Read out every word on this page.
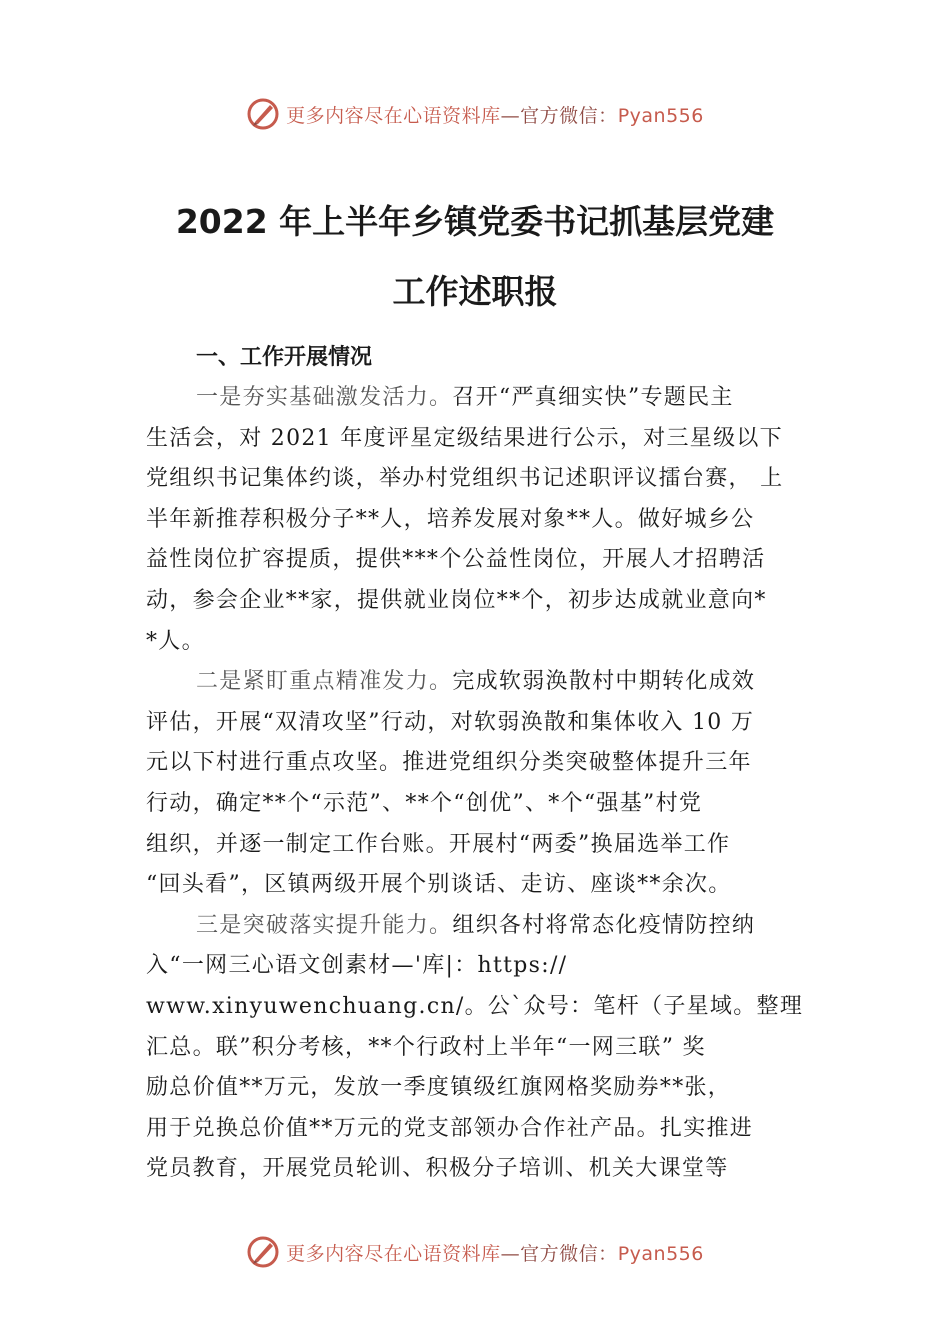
更多内容尽在心语资料库—官方微信：Pyan556
2022 年上半年乡镇党委书记抓基层党建
工作述职报
一、工作开展情况
一是夯实基础激发活力。召开“严真细实快”专题民主
生活会，对 2021 年度评星定级结果进行公示，对三星级以下
党组织书记集体约谈，举办村党组织书记述职评议擂台赛， 上
半年新推荐积极分子**人，培养发展对象**人。做好城乡公
益性岗位扩容提质，提供***个公益性岗位，开展人才招聘活
动，参会企业**家，提供就业岗位**个，初步达成就业意向*
*人。
二是紧盯重点精准发力。完成软弱涣散村中期转化成效
评估，开展“双清攻坚”行动，对软弱涣散和集体收入 10 万
元以下村进行重点攻坚。推进党组织分类突破整体提升三年
行动，确定**个“示范”、**个“创优”、*个“强基”村党
组织，并逐一制定工作台账。开展村“两委”换届选举工作
“回头看”，区镇两级开展个别谈话、走访、座谈**余次。
三是突破落实提升能力。组织各村将常态化疫情防控纳
入“一网三心语文创素材—'库|：https://
www.xinyuwenchuang.cn/。公`众号：笔杆（子星域。整理
汇总。联”积分考核，**个行政村上半年“一网三联” 奖
励总价值**万元，发放一季度镇级红旗网格奖励券**张，
用于兑换总价值**万元的党支部领办合作社产品。扎实推进
党员教育，开展党员轮训、积极分子培训、机关大课堂等
更多内容尽在心语资料库—官方微信：Pyan556
